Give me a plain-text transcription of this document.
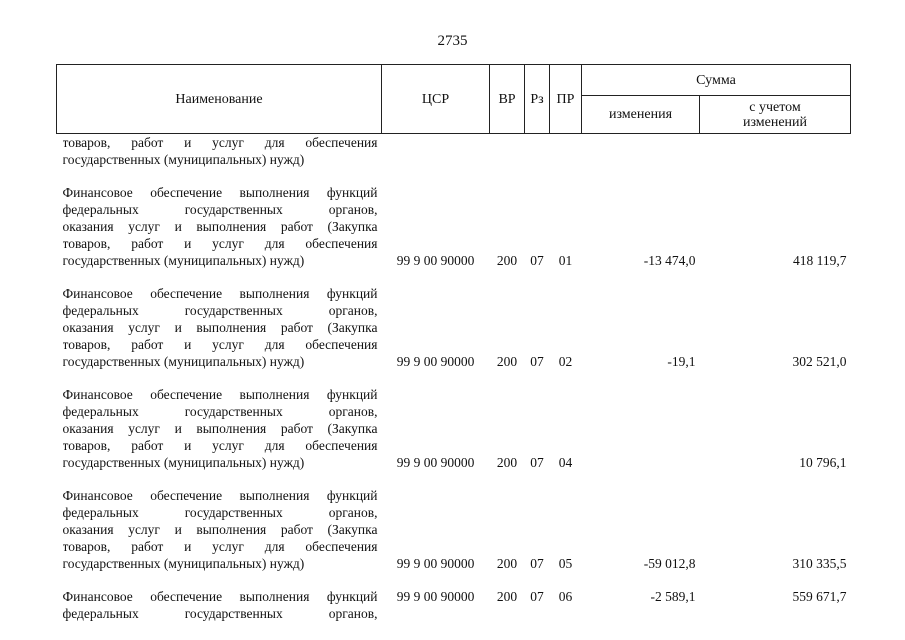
2735
Наименование	ЦСР	ВР	Рз	ПР	Сумма	
					изменения	с учетом
изменений

товаров, работ и услуг для обеспечения
государственных (муниципальных) нужд)						

Финансовое обеспечение выполнения функций
федеральных государственных органов,
оказания услуг и выполнения работ (Закупка
товаров, работ и услуг для обеспечения
государственных (муниципальных) нужд)	99 9 00 90000	200	07	01	-13 474,0	418 119,7

Финансовое обеспечение выполнения функций
федеральных государственных органов,
оказания услуг и выполнения работ (Закупка
товаров, работ и услуг для обеспечения
государственных (муниципальных) нужд)	99 9 00 90000	200	07	02	-19,1	302 521,0

Финансовое обеспечение выполнения функций
федеральных государственных органов,
оказания услуг и выполнения работ (Закупка
товаров, работ и услуг для обеспечения
государственных (муниципальных) нужд)	99 9 00 90000	200	07	04		10 796,1

Финансовое обеспечение выполнения функций
федеральных государственных органов,
оказания услуг и выполнения работ (Закупка
товаров, работ и услуг для обеспечения
государственных (муниципальных) нужд)	99 9 00 90000	200	07	05	-59 012,8	310 335,5

Финансовое обеспечение выполнения функций
федеральных государственных органов,	99 9 00 90000	200	07	06	-2 589,1	559 671,7
